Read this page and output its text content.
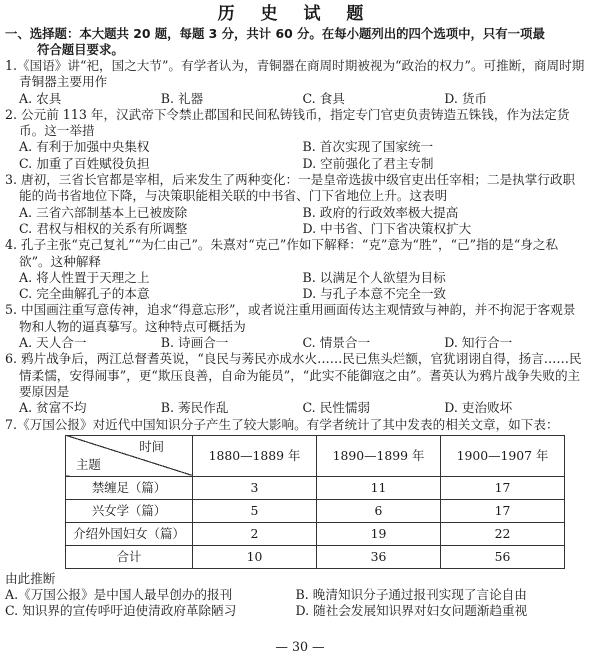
历 史 试 题
一、选择题：本大题共 20 题，每题 3 分，共计 60 分。在每小题列出的四个选项中，只有一项最
符合题目要求。
1.《国语》讲“祀，国之大节”。有学者认为，青铜器在商周时期被视为“政治的权力”。可推断，商周时期青铜器主要用作
A. 农具	B. 礼器	C. 食具	D. 货币
2. 公元前 113 年，汉武帝下令禁止郡国和民间私铸钱币，指定专门官吏负责铸造五铢钱，作为法定货币。这一举措
A. 有利于加强中央集权	B. 首次实现了国家统一
C. 加重了百姓赋役负担	D. 空前强化了君主专制
3. 唐初，三省长官都是宰相，后来发生了两种变化：一是皇帝选拔中级官吏出任宰相；二是执掌行政职能的尚书省地位下降，与决策职能相关联的中书省、门下省地位上升。这表明
A. 三省六部制基本上已被废除	B. 政府的行政效率极大提高
C. 君权与相权的关系有所调整	D. 中书省、门下省决策权扩大
4. 孔子主张“克己复礼”“为仁由己”。朱熹对“克己”作如下解释：“克”意为“胜”，“己”指的是“身之私欲”。这种解释
A. 将人性置于天理之上	B. 以满足个人欲望为目标
C. 完全曲解孔子的本意	D. 与孔子本意不完全一致
5. 中国画注重写意传神，追求“得意忘形”，或者说注重用画面传达主观情致与神韵，并不拘泥于客观景物和人物的逼真摹写。这种特点可概括为
A. 天人合一	B. 诗画合一	C. 情景合一	D. 知行合一
6. 鸦片战争后，两江总督耆英说，“良民与莠民亦成水火……民已焦头烂额，官犹诩诩自得，扬言……民情柔懦，安得闹事”，更“欺压良善，自命为能员”，“此实不能御寇之由”。耆英认为鸦片战争失败的主要原因是
A. 贫富不均	B. 莠民作乱	C. 民性懦弱	D. 吏治败坏
7.《万国公报》对近代中国知识分子产生了较大影响。有学者统计了其中发表的相关文章，如下表：
时间
主题	1880—1889 年	1890—1899 年	1900—1907 年
禁缠足（篇）	3	11	17
兴女学（篇）	5	6	17
介绍外国妇女（篇）	2	19	22
合计	10	36	56
由此推断
A.《万国公报》是中国人最早创办的报刊	B. 晚清知识分子通过报刊实现了言论自由
C. 知识界的宣传呼吁迫使清政府革除陋习	D. 随社会发展知识界对妇女问题渐趋重视
— 30 —
